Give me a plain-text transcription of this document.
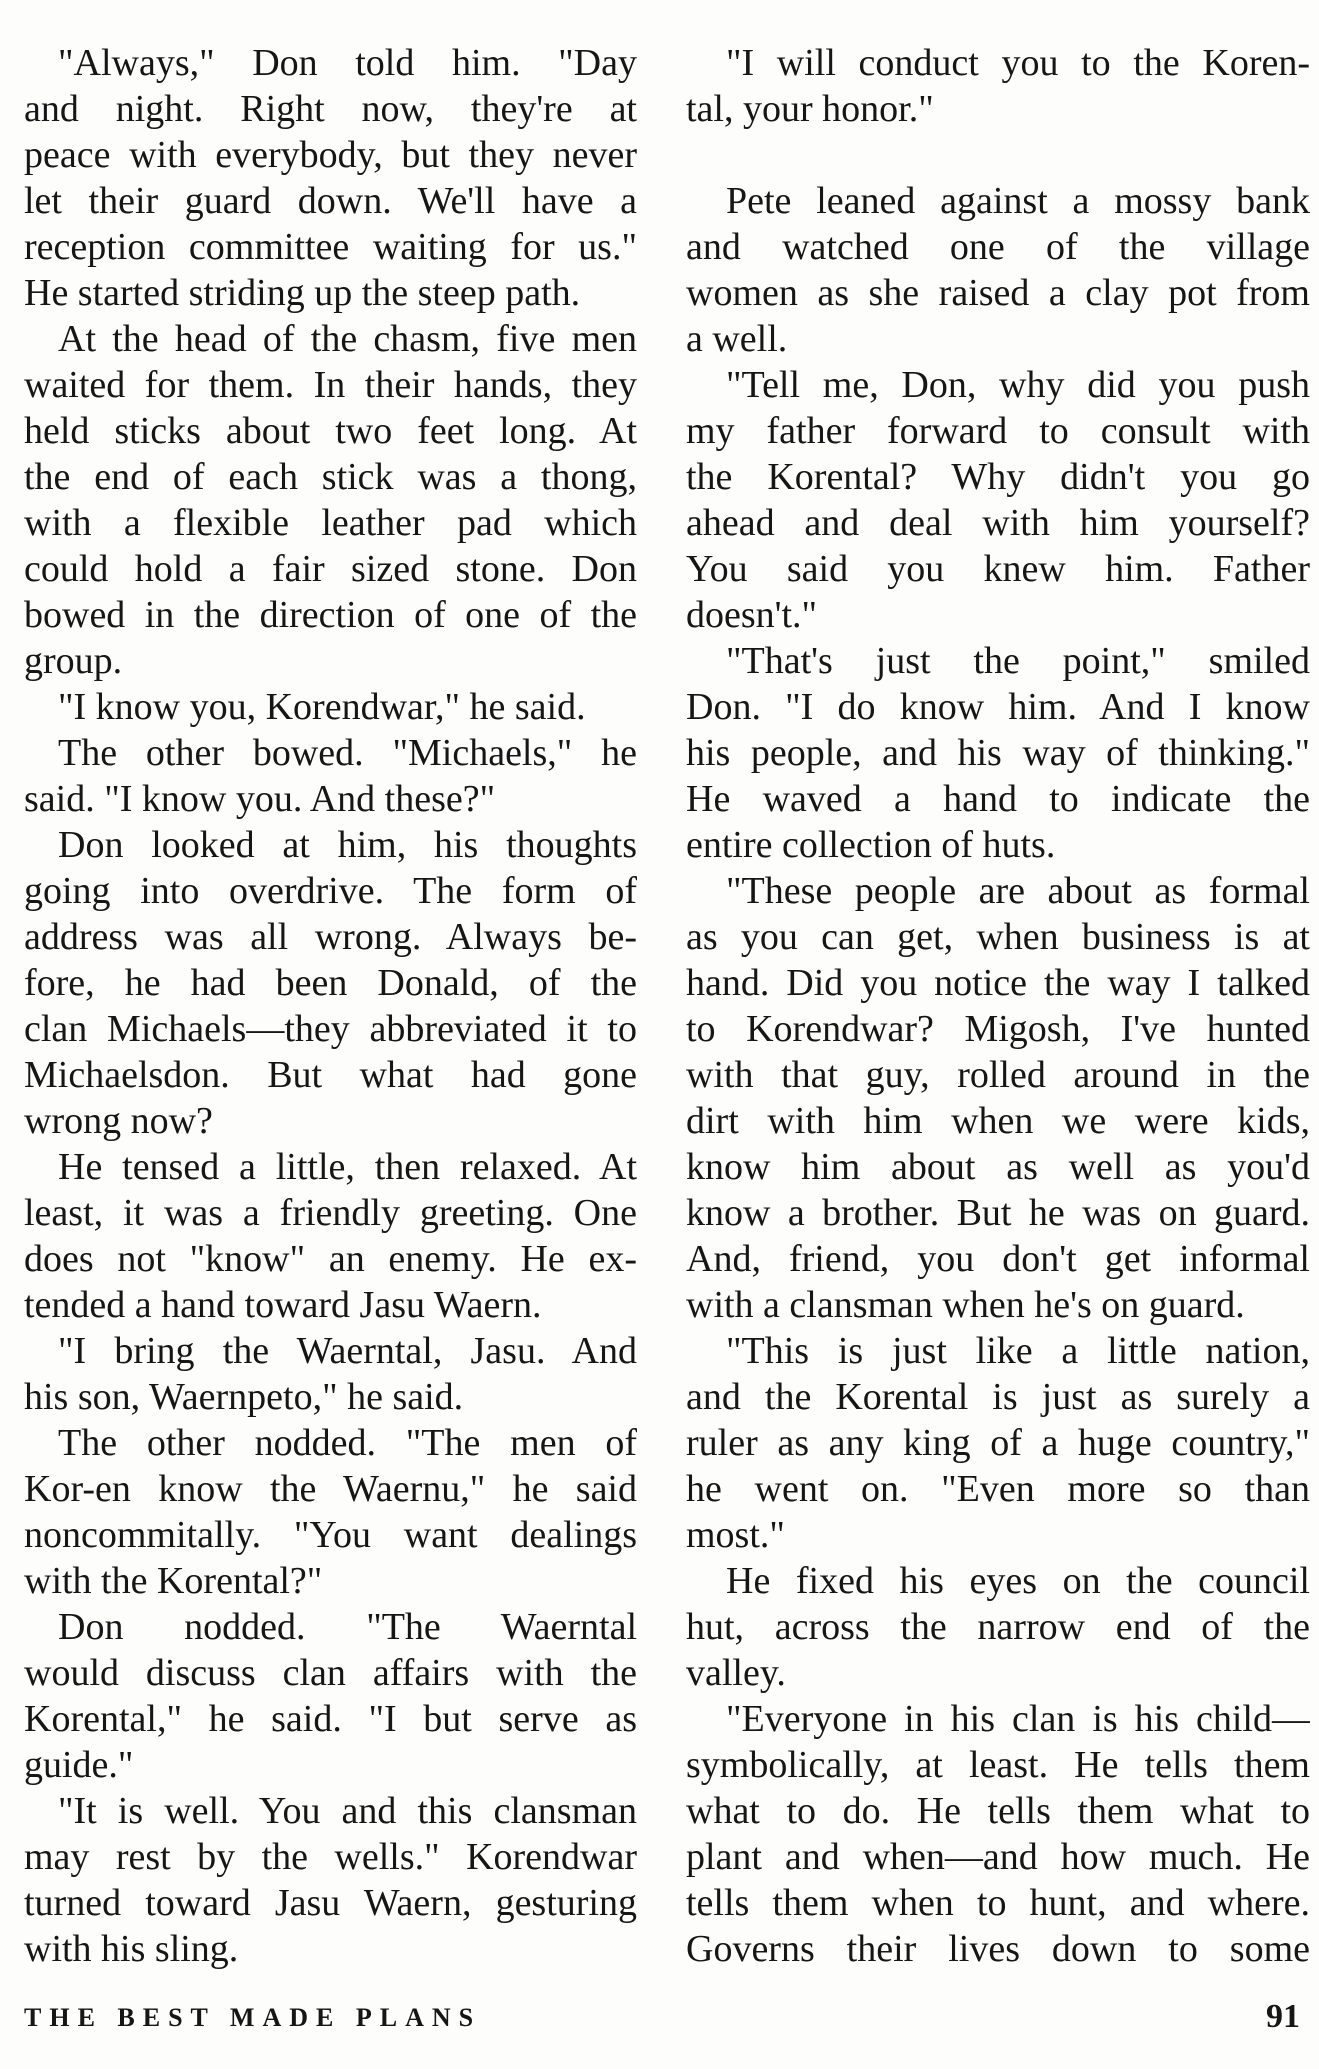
"Always," Don told him. "Day
and night. Right now, they're at
peace with everybody, but they never
let their guard down. We'll have a
reception committee waiting for us."
He started striding up the steep path.
At the head of the chasm, five men
waited for them. In their hands, they
held sticks about two feet long. At
the end of each stick was a thong,
with a flexible leather pad which
could hold a fair sized stone. Don
bowed in the direction of one of the
group.
"I know you, Korendwar," he said.
The other bowed. "Michaels," he
said. "I know you. And these?"
Don looked at him, his thoughts
going into overdrive. The form of
address was all wrong. Always be-
fore, he had been Donald, of the
clan Michaels—they abbreviated it to
Michaelsdon. But what had gone
wrong now?
He tensed a little, then relaxed. At
least, it was a friendly greeting. One
does not "know" an enemy. He ex-
tended a hand toward Jasu Waern.
"I bring the Waerntal, Jasu. And
his son, Waernpeto," he said.
The other nodded. "The men of
Kor-en know the Waernu," he said
noncommitally. "You want dealings
with the Korental?"
Don nodded. "The Waerntal
would discuss clan affairs with the
Korental," he said. "I but serve as
guide."
"It is well. You and this clansman
may rest by the wells." Korendwar
turned toward Jasu Waern, gesturing
with his sling.
"I will conduct you to the Koren-
tal, your honor."
Pete leaned against a mossy bank
and watched one of the village
women as she raised a clay pot from
a well.
"Tell me, Don, why did you push
my father forward to consult with
the Korental? Why didn't you go
ahead and deal with him yourself?
You said you knew him. Father
doesn't."
"That's just the point," smiled
Don. "I do know him. And I know
his people, and his way of thinking."
He waved a hand to indicate the
entire collection of huts.
"These people are about as formal
as you can get, when business is at
hand. Did you notice the way I talked
to Korendwar? Migosh, I've hunted
with that guy, rolled around in the
dirt with him when we were kids,
know him about as well as you'd
know a brother. But he was on guard.
And, friend, you don't get informal
with a clansman when he's on guard.
"This is just like a little nation,
and the Korental is just as surely a
ruler as any king of a huge country,"
he went on. "Even more so than
most."
He fixed his eyes on the council
hut, across the narrow end of the
valley.
"Everyone in his clan is his child—
symbolically, at least. He tells them
what to do. He tells them what to
plant and when—and how much. He
tells them when to hunt, and where.
Governs their lives down to some
THE BEST MADE PLANS	91
